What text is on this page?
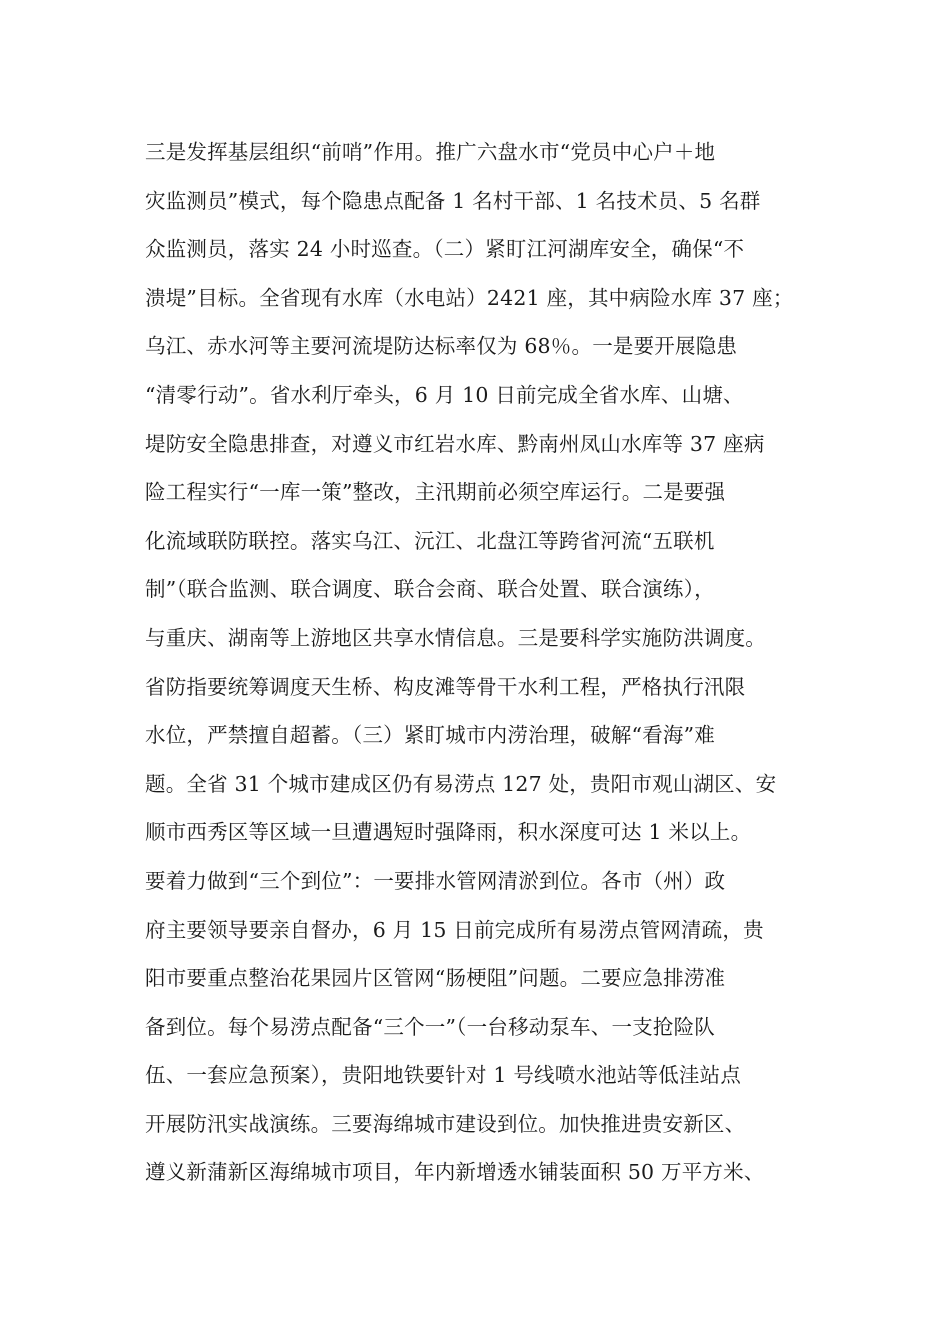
三是发挥基层组织“前哨”作用。推广六盘水市“党员中心户＋地
灾监测员”模式，每个隐患点配备 1 名村干部、1 名技术员、5 名群
众监测员，落实 24 小时巡查。（二）紧盯江河湖库安全，确保“不
溃堤”目标。全省现有水库（水电站）2421 座，其中病险水库 37 座；
乌江、赤水河等主要河流堤防达标率仅为 68％。一是要开展隐患
“清零行动”。省水利厅牵头，6 月 10 日前完成全省水库、山塘、
堤防安全隐患排查，对遵义市红岩水库、黔南州凤山水库等 37 座病
险工程实行“一库一策”整改，主汛期前必须空库运行。二是要强
化流域联防联控。落实乌江、沅江、北盘江等跨省河流“五联机
制”（联合监测、联合调度、联合会商、联合处置、联合演练），
与重庆、湖南等上游地区共享水情信息。三是要科学实施防洪调度。
省防指要统筹调度天生桥、构皮滩等骨干水利工程，严格执行汛限
水位，严禁擅自超蓄。（三）紧盯城市内涝治理，破解“看海”难
题。全省 31 个城市建成区仍有易涝点 127 处，贵阳市观山湖区、安
顺市西秀区等区域一旦遭遇短时强降雨，积水深度可达 1 米以上。
要着力做到“三个到位”：一要排水管网清淤到位。各市（州）政
府主要领导要亲自督办，6 月 15 日前完成所有易涝点管网清疏，贵
阳市要重点整治花果园片区管网“肠梗阻”问题。二要应急排涝准
备到位。每个易涝点配备“三个一”（一台移动泵车、一支抢险队
伍、一套应急预案），贵阳地铁要针对 1 号线喷水池站等低洼站点
开展防汛实战演练。三要海绵城市建设到位。加快推进贵安新区、
遵义新蒲新区海绵城市项目，年内新增透水铺装面积 50 万平方米、
